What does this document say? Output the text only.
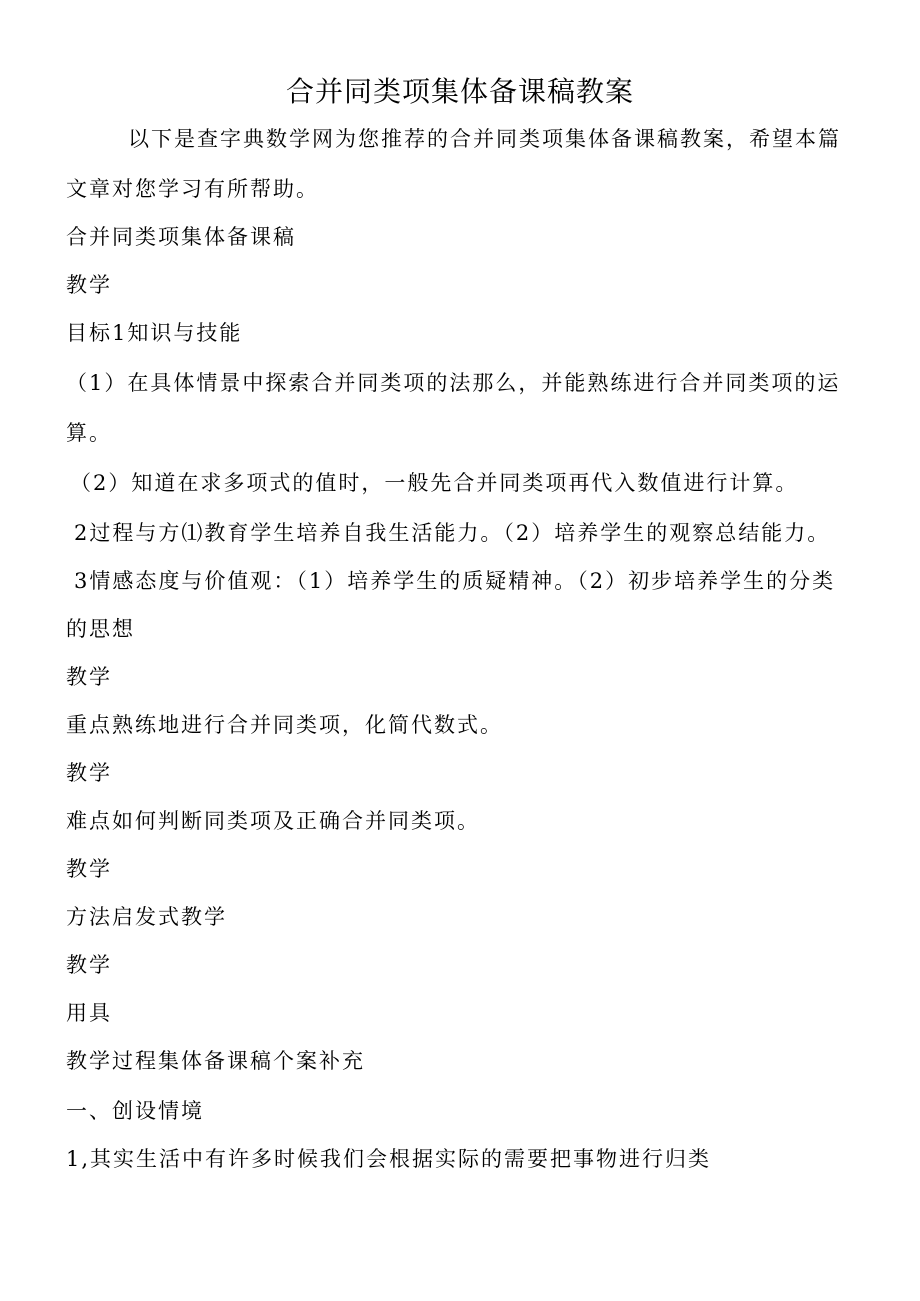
合并同类项集体备课稿教案
以下是查字典数学网为您推荐的合并同类项集体备课稿教案，希望本篇
文章对您学习有所帮助。
合并同类项集体备课稿
教学
目标1知识与技能
（1）在具体情景中探索合并同类项的法那么，并能熟练进行合并同类项的运
算。
（2）知道在求多项式的值时，一般先合并同类项再代入数值进行计算。
2过程与方⑴教育学生培养自我生活能力。（2）培养学生的观察总结能力。
3情感态度与价值观：（1）培养学生的质疑精神。（2）初步培养学生的分类
的思想
教学
重点熟练地进行合并同类项，化简代数式。
教学
难点如何判断同类项及正确合并同类项。
教学
方法启发式教学
教学
用具
教学过程集体备课稿个案补充
一、创设情境
1,其实生活中有许多时候我们会根据实际的需要把事物进行归类
